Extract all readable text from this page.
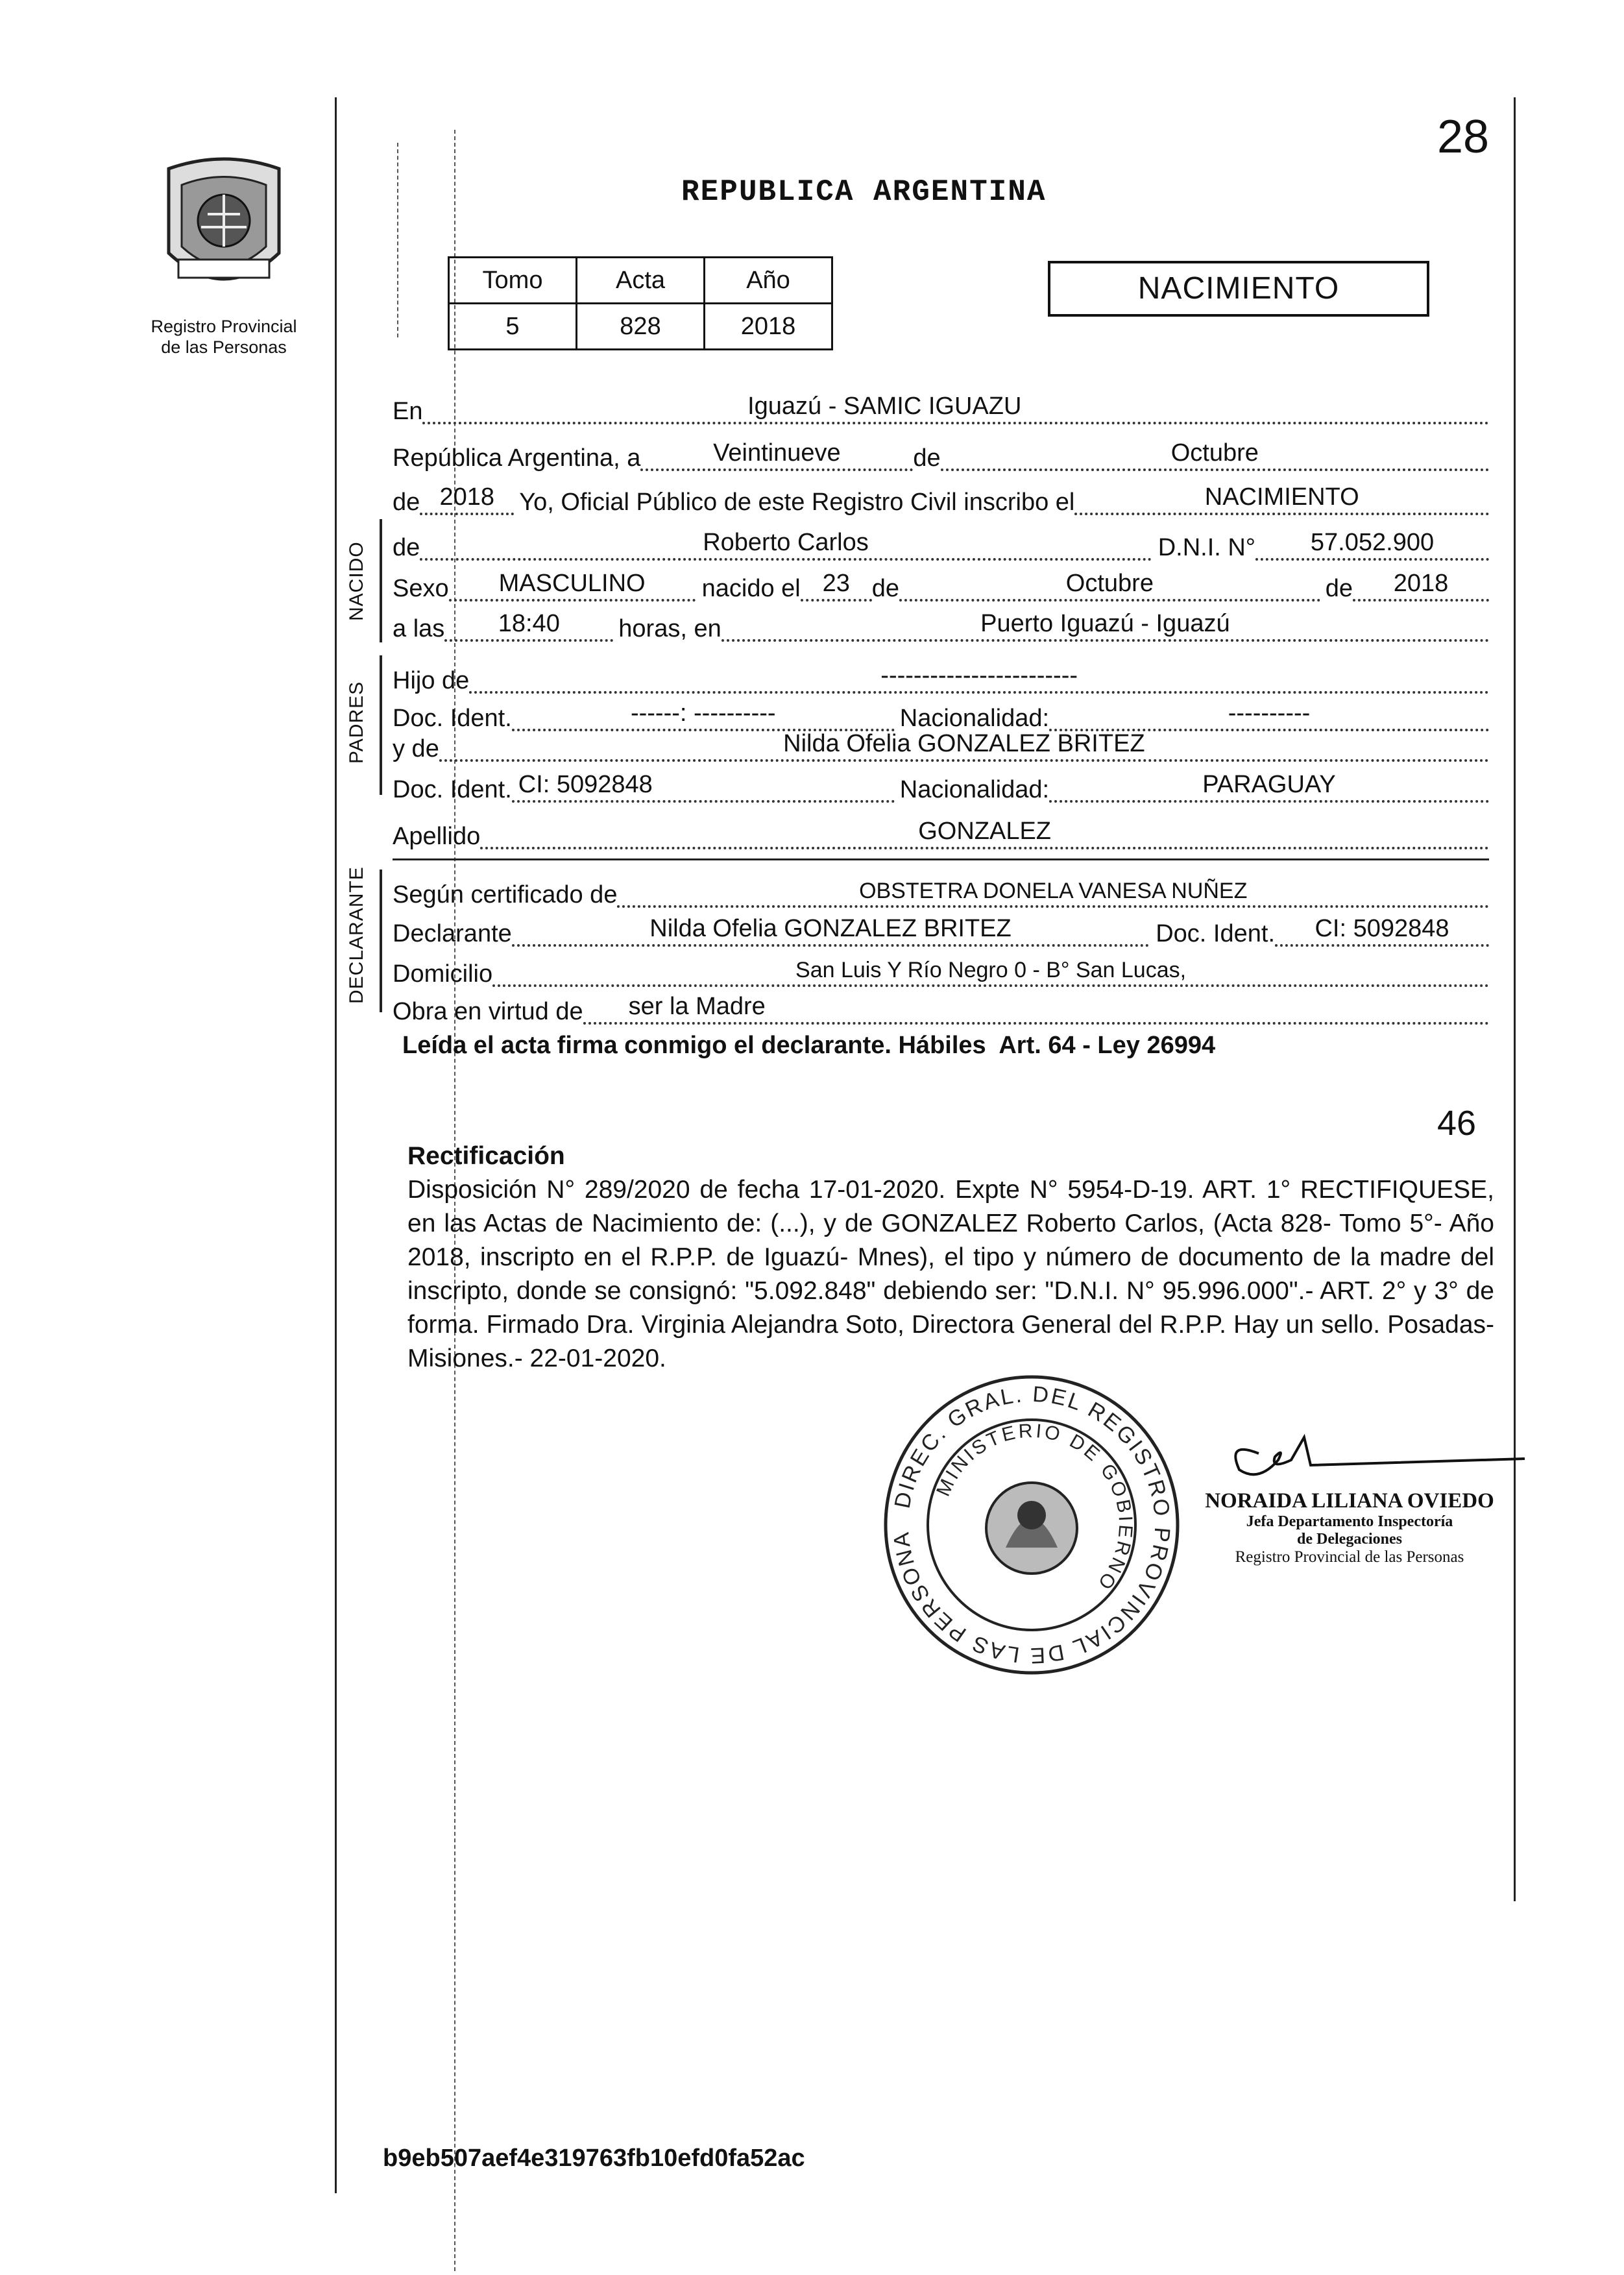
28
Registro Provincial
de las Personas
REPUBLICA ARGENTINA
Tomo	Acta	Año
5	828	2018
NACIMIENTO
En	Iguazú - SAMIC IGUAZU
República Argentina, a	Veintinueve	de	Octubre
de 2018	Yo, Oficial Público de este Registro Civil inscribo el	NACIMIENTO
NACIDO de	Roberto Carlos	D.N.I. N°	57.052.900
Sexo	MASCULINO	nacido el 23 de	Octubre	de	2018
a las	18:40	horas, en	Puerto Iguazú - Iguazú
PADRES
Hijo de	------------------------
Doc. Ident.	------: ----------	Nacionalidad:	----------
y de	Nilda Ofelia GONZALEZ BRITEZ
Doc. Ident. CI: 5092848	Nacionalidad:	PARAGUAY
Apellido	GONZALEZ
DECLARANTE Según certificado de	OBSTETRA DONELA VANESA NUÑEZ
Declarante	Nilda Ofelia GONZALEZ BRITEZ	Doc. Ident.	CI: 5092848
Domicilio	San Luis Y Río Negro 0 - B° San Lucas,
Obra en virtud de ser la Madre
Leída el acta firma conmigo el declarante. Hábiles  Art. 64 - Ley 26994
46
Rectificación
Disposición N° 289/2020 de fecha 17-01-2020. Expte N° 5954-D-19. ART. 1° RECTIFIQUESE, en las Actas de Nacimiento de: (...), y de GONZALEZ Roberto Carlos, (Acta 828- Tomo 5°- Año 2018, inscripto en el R.P.P. de Iguazú- Mnes), el tipo y número de documento de la madre del inscripto, donde se consignó: "5.092.848" debiendo ser: "D.N.I. N° 95.996.000".- ART. 2° y 3° de forma. Firmado Dra. Virginia Alejandra Soto, Directora General del R.P.P. Hay un sello. Posadas- Misiones.- 22-01-2020.
DIREC. GRAL. DEL REGISTRO PROVINCIAL DE LAS PERSONA
MINISTERIO DE GOBIERNO
NORAIDA LILIANA OVIEDO
Jefa Departamento Inspectoría
de Delegaciones
Registro Provincial de las Personas
b9eb507aef4e319763fb10efd0fa52ac
